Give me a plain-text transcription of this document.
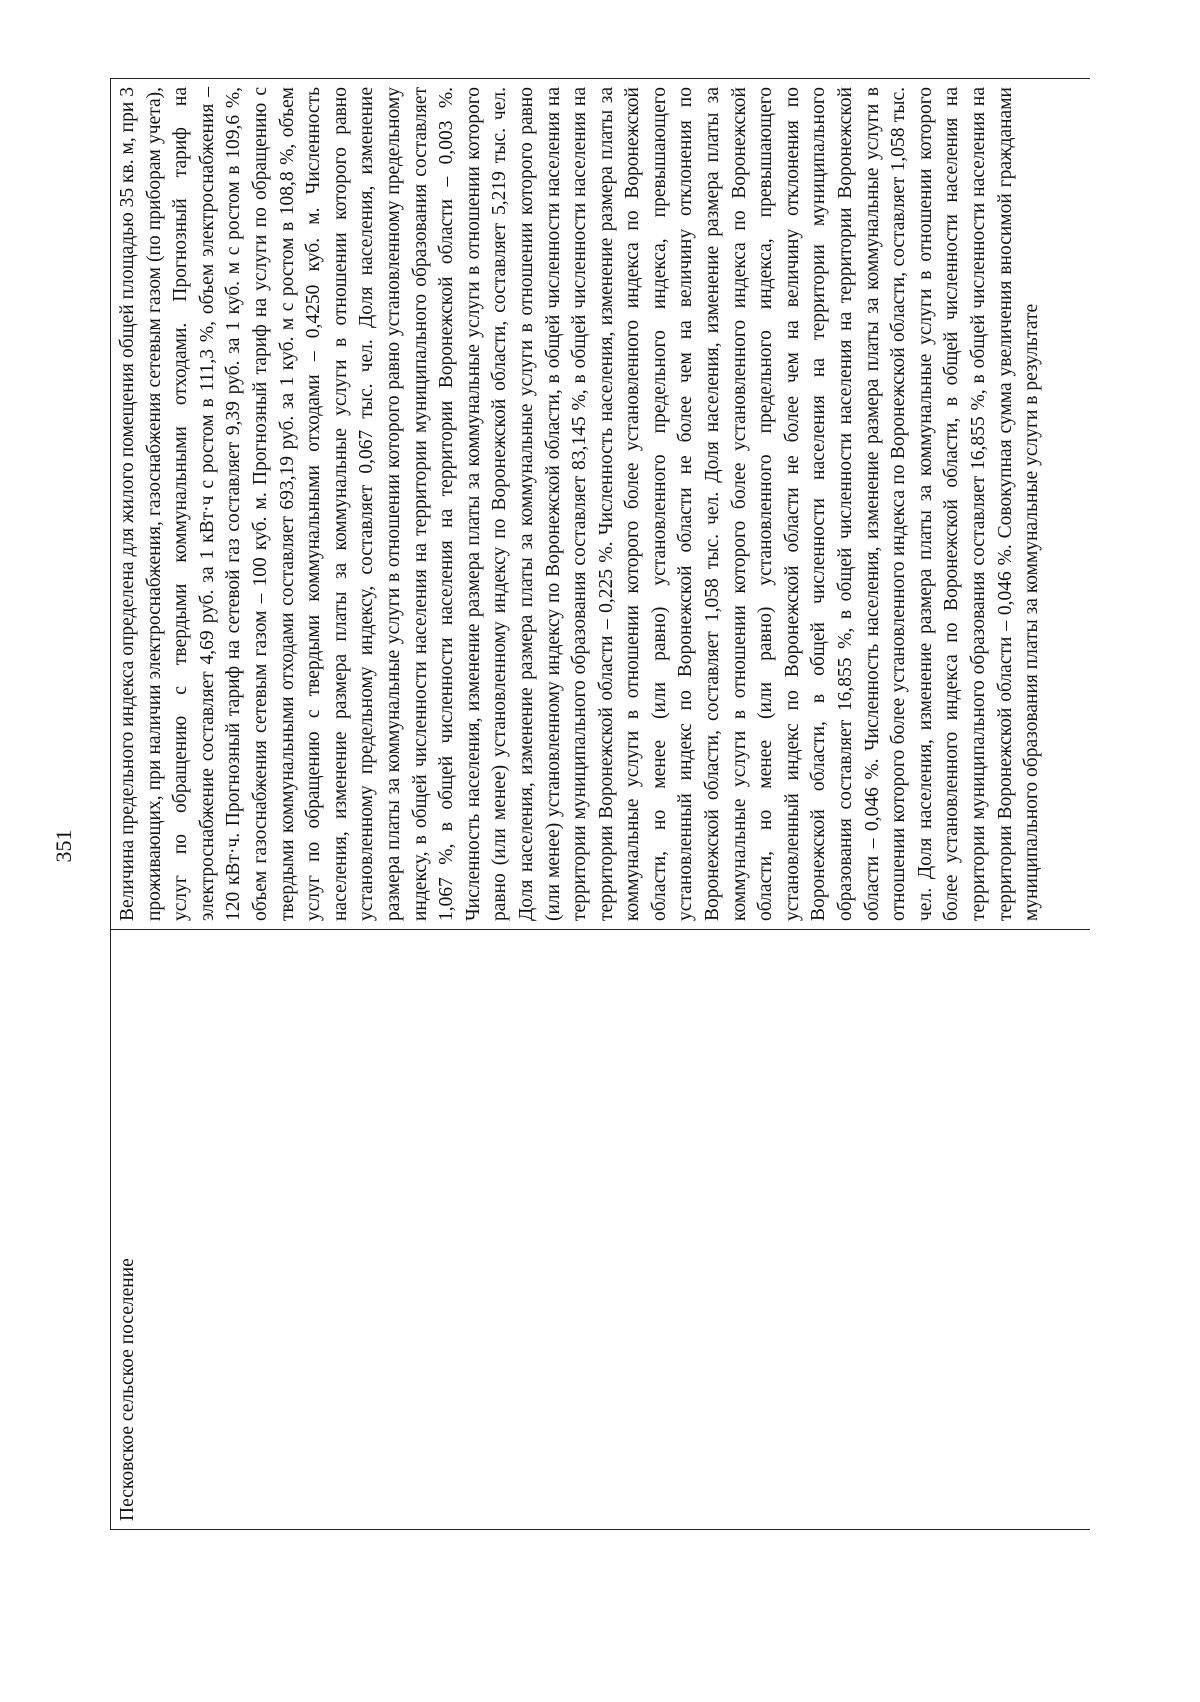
351
Песковское сельское поселение
Величина предельного индекса определена для жилого помещения общей площадью 35 кв. м, при 3 проживающих, при наличии электроснабжения, газоснабжения сетевым газом (по приборам учета), услуг по обращению с твердыми коммунальными отходами. Прогнозный тариф на электроснабжение составляет 4,69 руб. за 1 кВт·ч с ростом в 111,3 %, объем электроснабжения – 120 кВт·ч. Прогнозный тариф на сетевой газ составляет 9,39 руб. за 1 куб. м с ростом в 109,6 %, объем газоснабжения сетевым газом – 100 куб. м. Прогнозный тариф на услуги по обращению с твердыми коммунальными отходами составляет 693,19 руб. за 1 куб. м с ростом в 108,8 %, объем услуг по обращению с твердыми коммунальными отходами – 0,4250 куб. м. Численность населения, изменение размера платы за коммунальные услуги в отношении которого равно установленному предельному индексу, составляет 0,067 тыс. чел. Доля населения, изменение размера платы за коммунальные услуги в отношении которого равно установленному предельному индексу, в общей численности населения на территории муниципального образования составляет 1,067 %, в общей численности населения на территории Воронежской области – 0,003 %. Численность населения, изменение размера платы за коммунальные услуги в отношении которого равно (или менее) установленному индексу по Воронежской области, составляет 5,219 тыс. чел. Доля населения, изменение размера платы за коммунальные услуги в отношении которого равно (или менее) установленному индексу по Воронежской области, в общей численности населения на территории муниципального образования составляет 83,145 %, в общей численности населения на территории Воронежской области – 0,225 %. Численность населения, изменение размера платы за коммунальные услуги в отношении которого более установленного индекса по Воронежской области, но менее (или равно) установленного предельного индекса, превышающего установленный индекс по Воронежской области не более чем на величину отклонения по Воронежской области, составляет 1,058 тыс. чел. Доля населения, изменение размера платы за коммунальные услуги в отношении которого более установленного индекса по Воронежской области, но менее (или равно) установленного предельного индекса, превышающего установленный индекс по Воронежской области не более чем на величину отклонения по Воронежской области, в общей численности населения на территории муниципального образования составляет 16,855 %, в общей численности населения на территории Воронежской области – 0,046 %. Численность населения, изменение размера платы за коммунальные услуги в отношении которого более установленного индекса по Воронежской области, составляет 1,058 тыс. чел. Доля населения, изменение размера платы за коммунальные услуги в отношении которого более установленного индекса по Воронежской области, в общей численности населения на территории муниципального образования составляет 16,855 %, в общей численности населения на территории Воронежской области – 0,046 %. Совокупная сумма увеличения вносимой гражданами муниципального образования платы за коммунальные услуги в результате
